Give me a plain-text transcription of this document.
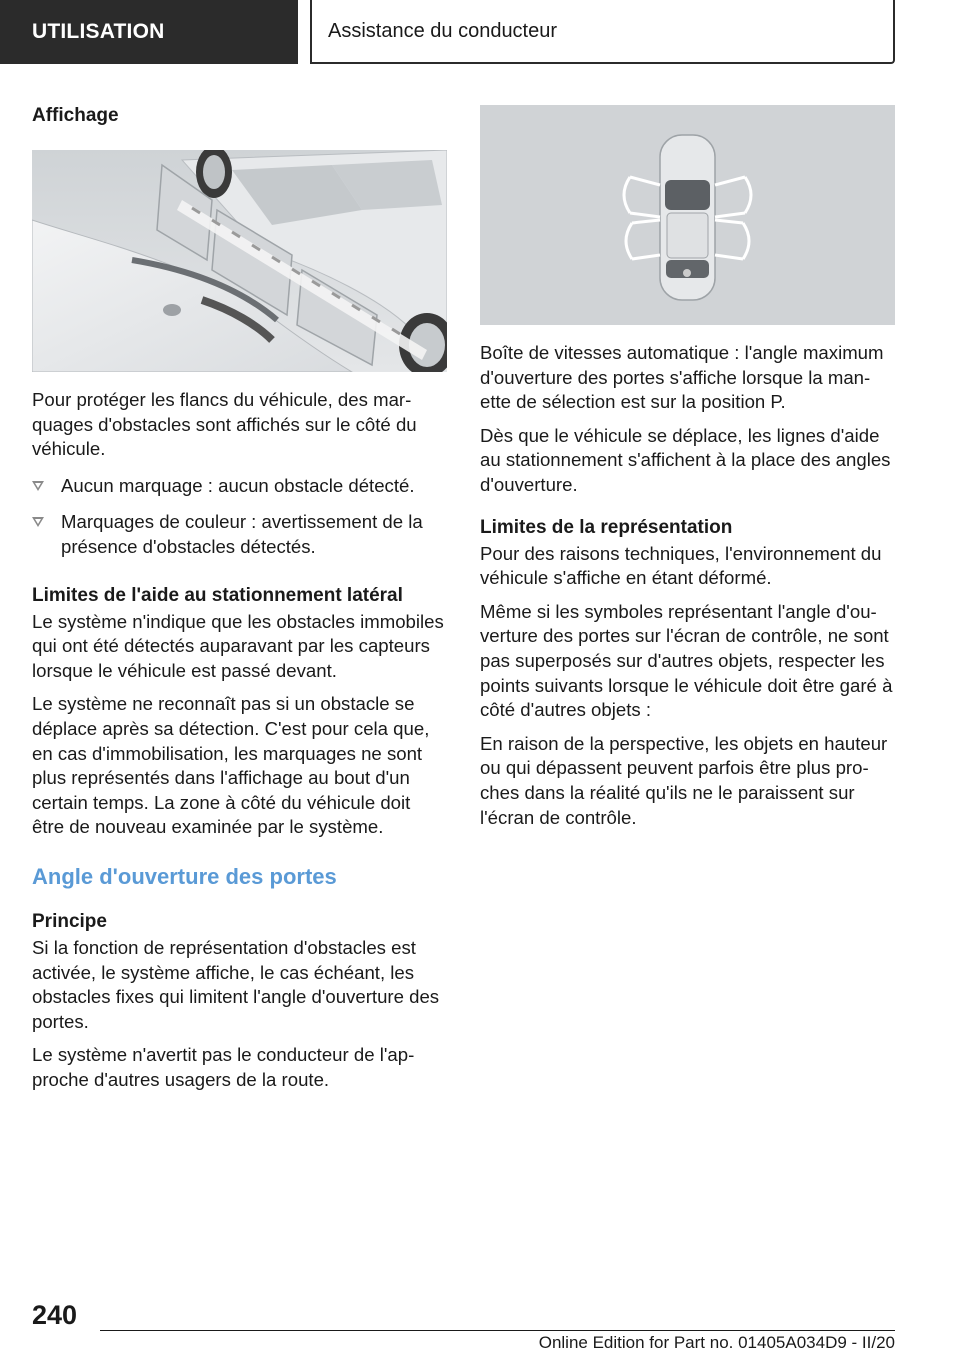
UTILISATION	Assistance du conducteur
Affichage

Pour protéger les flancs du véhicule, des marquages d'obstacles sont affichés sur le côté du véhicule.

Aucun marquage : aucun obstacle détecté.
Marquages de couleur : avertissement de la présence d'obstacles détectés.
Limites de l'aide au stationnement latéral

Le système n'indique que les obstacles immobiles qui ont été détectés auparavant par les capteurs lorsque le véhicule est passé devant.

Le système ne reconnaît pas si un obstacle se déplace après sa détection. C'est pour cela que, en cas d'immobilisation, les marquages ne sont plus représentés dans l'affichage au bout d'un certain temps. La zone à côté du véhicule doit être de nouveau examinée par le système.

Angle d'ouverture des portes
Principe

Si la fonction de représentation d'obstacles est activée, le système affiche, le cas échéant, les obstacles fixes qui limitent l'angle d'ouverture des portes.

Le système n'avertit pas le conducteur de l'approche d'autres usagers de la route.

Boîte de vitesses automatique : l'angle maximum d'ouverture des portes s'affiche lorsque la manette de sélection est sur la position P.

Dès que le véhicule se déplace, les lignes d'aide au stationnement s'affichent à la place des angles d'ouverture.

Limites de la représentation

Pour des raisons techniques, l'environnement du véhicule s'affiche en étant déformé.

Même si les symboles représentant l'angle d'ouverture des portes sur l'écran de contrôle, ne sont pas superposés sur d'autres objets, respecter les points suivants lorsque le véhicule doit être garé à côté d'autres objets :

En raison de la perspective, les objets en hauteur ou qui dépassent peuvent parfois être plus proches dans la réalité qu'ils ne le paraissent sur l'écran de contrôle.

240
Online Edition for Part no. 01405A034D9 - II/20
